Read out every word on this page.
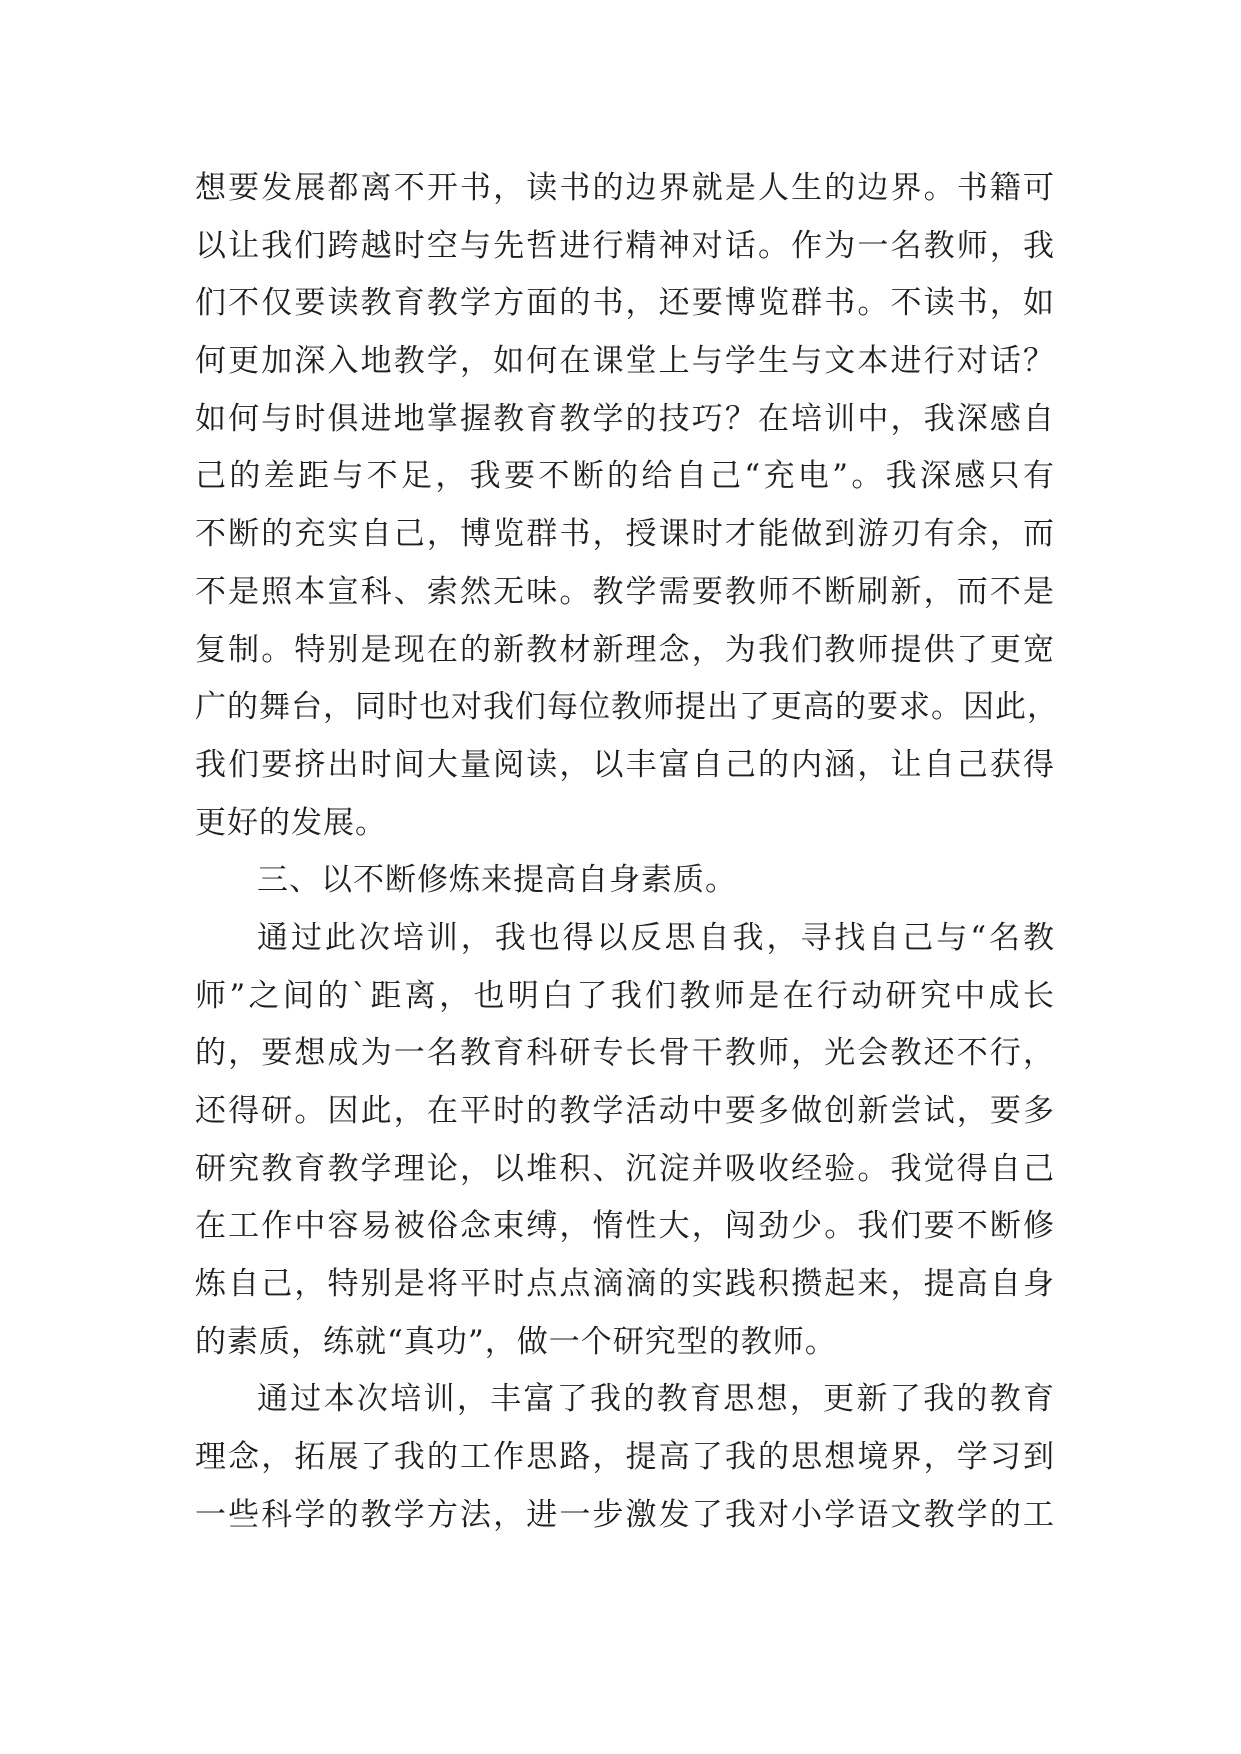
想要发展都离不开书，读书的边界就是人生的边界。书籍可
以让我们跨越时空与先哲进行精神对话。作为一名教师，我
们不仅要读教育教学方面的书，还要博览群书。不读书，如
何更加深入地教学，如何在课堂上与学生与文本进行对话？
如何与时俱进地掌握教育教学的技巧？在培训中，我深感自
己的差距与不足，我要不断的给自己“充电”。我深感只有
不断的充实自己，博览群书，授课时才能做到游刃有余，而
不是照本宣科、索然无味。教学需要教师不断刷新，而不是
复制。特别是现在的新教材新理念，为我们教师提供了更宽
广的舞台，同时也对我们每位教师提出了更高的要求。因此，
我们要挤出时间大量阅读，以丰富自己的内涵，让自己获得
更好的发展。
三、以不断修炼来提高自身素质。
通过此次培训，我也得以反思自我，寻找自己与“名教
师”之间的`距离，也明白了我们教师是在行动研究中成长
的，要想成为一名教育科研专长骨干教师，光会教还不行，
还得研。因此，在平时的教学活动中要多做创新尝试，要多
研究教育教学理论，以堆积、沉淀并吸收经验。我觉得自己
在工作中容易被俗念束缚，惰性大，闯劲少。我们要不断修
炼自己，特别是将平时点点滴滴的实践积攒起来，提高自身
的素质，练就“真功”，做一个研究型的教师。
通过本次培训，丰富了我的教育思想，更新了我的教育
理念，拓展了我的工作思路，提高了我的思想境界，学习到
一些科学的教学方法，进一步激发了我对小学语文教学的工
